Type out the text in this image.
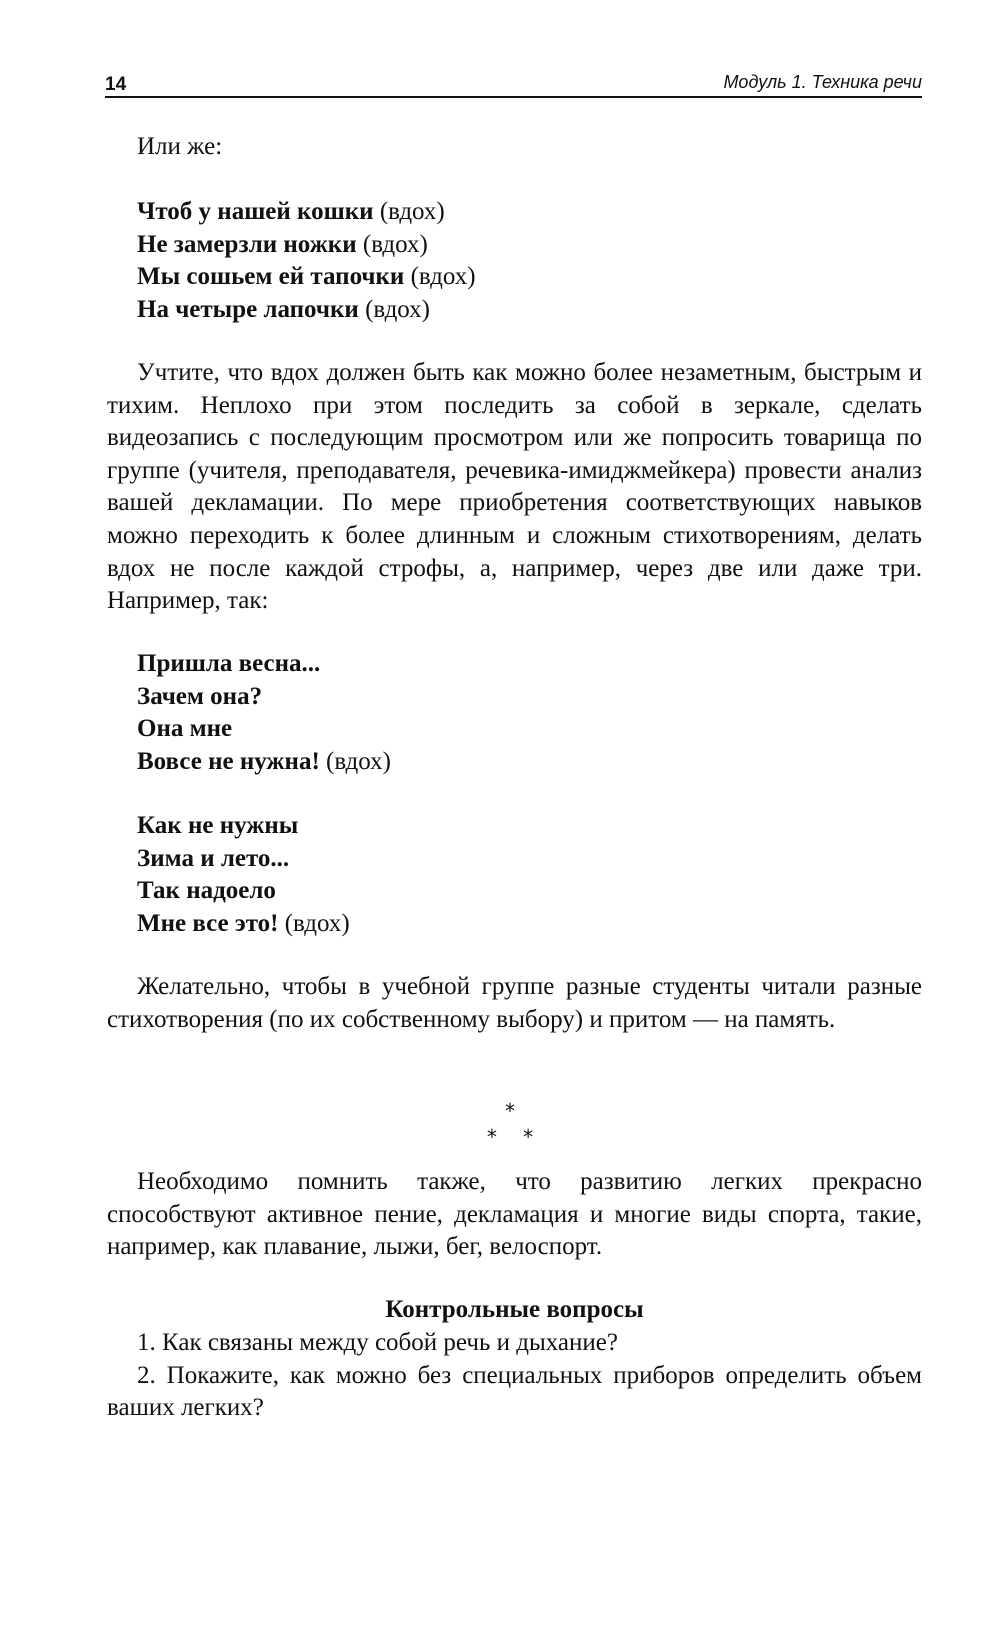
14	Модуль 1. Техника речи

Или же:

Чтоб у нашей кошки (вдох)
Не замерзли ножки (вдох)
Мы сошьем ей тапочки (вдох)
На четыре лапочки (вдох)

Учтите, что вдох должен быть как можно более незаметным, быстрым и тихим. Неплохо при этом последить за собой в зеркале, сделать видеозапись с последующим просмотром или же попросить товарища по группе (учителя, преподавателя, речевика-имиджмейкера) провести анализ вашей декламации. По мере приобретения соответствующих навыков можно переходить к более длинным и сложным стихотворениям, делать вдох не после каждой строфы, а, например, через две или даже три. Например, так:

Пришла весна...
Зачем она?
Она мне
Вовсе не нужна! (вдох)
Как не нужны
Зима и лето...
Так надоело
Мне все это! (вдох)

Желательно, чтобы в учебной группе разные студенты читали разные стихотворения (по их собственному выбору) и притом — на память.

*
* *

Необходимо помнить также, что развитию легких прекрасно способствуют активное пение, декламация и многие виды спорта, такие, например, как плавание, лыжи, бег, велоспорт.

Контрольные вопросы

1. Как связаны между собой речь и дыхание?

2. Покажите, как можно без специальных приборов определить объем ваших легких?
